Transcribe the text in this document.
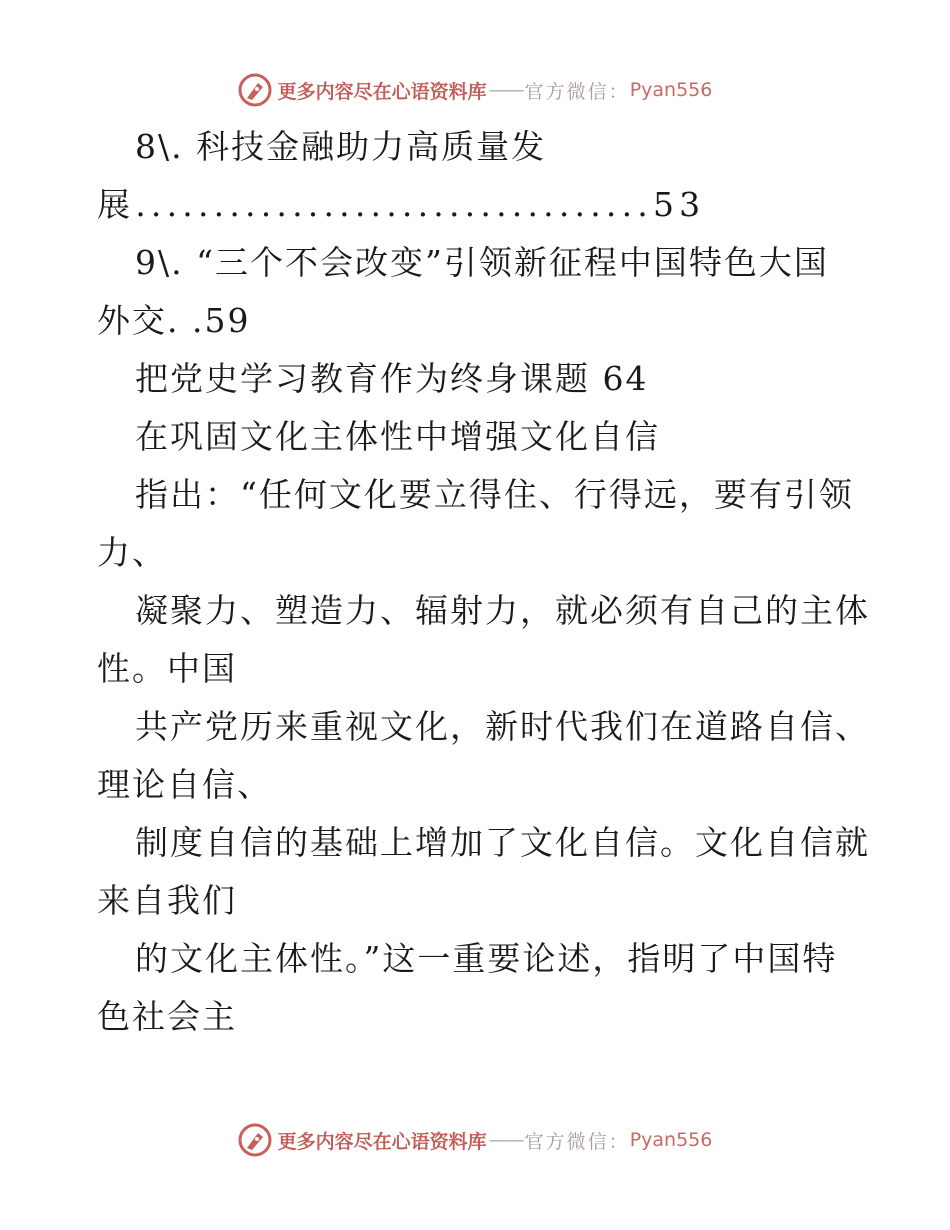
更多内容尽在心语资料库 —— 官方微信： Pyan556
8\. 科技金融助力高质量发
展.................................53
9\. “三个不会改变”引领新征程中国特色大国
外交. .59
把党史学习教育作为终身课题 64
在巩固文化主体性中增强文化自信
指出：“任何文化要立得住、行得远，要有引领
力、
凝聚力、塑造力、辐射力，就必须有自己的主体
性。中国
共产党历来重视文化，新时代我们在道路自信、
理论自信、
制度自信的基础上增加了文化自信。文化自信就
来自我们
的文化主体性。”这一重要论述，指明了中国特
色社会主
更多内容尽在心语资料库 —— 官方微信： Pyan556
